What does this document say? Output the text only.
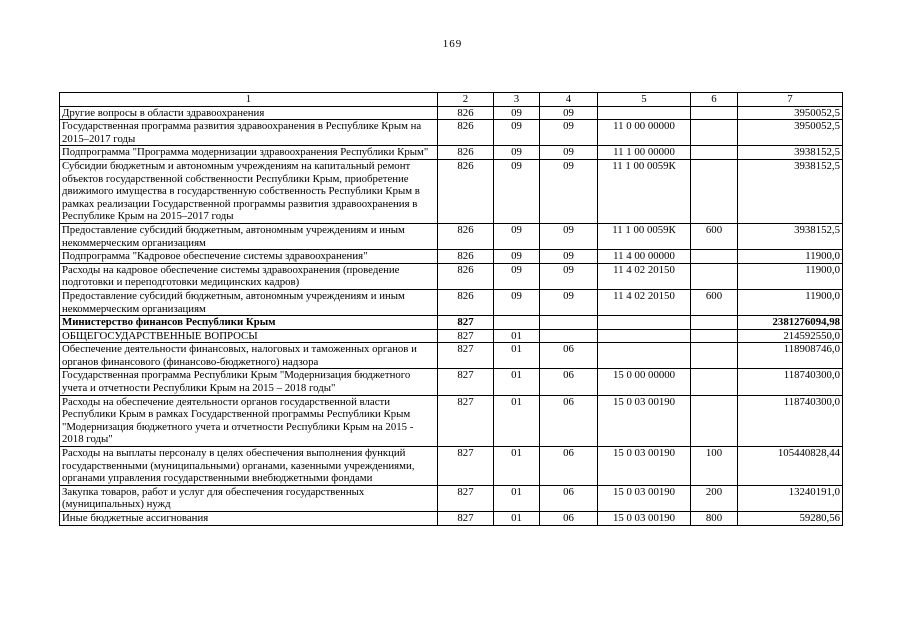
169
1	2	3	4	5	6	7
Другие вопросы в области здравоохранения	826	09	09			3950052,5
Государственная программа развития здравоохранения в Республике Крым на 2015–2017 годы	826	09	09	11 0 00 00000		3950052,5
Подпрограмма "Программа модернизации здравоохранения Республики Крым"	826	09	09	11 1 00 00000		3938152,5
Субсидии бюджетным и автономным учреждениям на капитальный ремонт объектов государственной собственности Республики Крым, приобретение движимого имущества в государственную собственность Республики Крым в рамках реализации Государственной программы развития здравоохранения в Республике Крым на 2015–2017 годы	826	09	09	11 1 00 0059К		3938152,5
Предоставление субсидий бюджетным, автономным учреждениям и иным некоммерческим организациям	826	09	09	11 1 00 0059К	600	3938152,5
Подпрограмма "Кадровое обеспечение системы здравоохранения"	826	09	09	11 4 00 00000		11900,0
Расходы на кадровое обеспечение системы здравоохранения (проведение подготовки и переподготовки медицинских кадров)	826	09	09	11 4 02 20150		11900,0
Предоставление субсидий бюджетным, автономным учреждениям и иным некоммерческим организациям	826	09	09	11 4 02 20150	600	11900,0
Министерство финансов Республики Крым	827					2381276094,98
ОБЩЕГОСУДАРСТВЕННЫЕ ВОПРОСЫ	827	01				214592550,0
Обеспечение деятельности финансовых, налоговых и таможенных органов и органов финансового (финансово-бюджетного) надзора	827	01	06			118908746,0
Государственная программа Республики Крым "Модернизация бюджетного учета и отчетности Республики Крым на 2015 – 2018 годы"	827	01	06	15 0 00 00000		118740300,0
Расходы на обеспечение деятельности органов государственной власти Республики Крым в рамках Государственной программы Республики Крым "Модернизация бюджетного учета и отчетности Республики Крым на 2015 - 2018 годы"	827	01	06	15 0 03 00190		118740300,0
Расходы на выплаты персоналу в целях обеспечения выполнения функций государственными (муниципальными) органами, казенными учреждениями, органами управления государственными внебюджетными фондами	827	01	06	15 0 03 00190	100	105440828,44
Закупка товаров, работ и услуг для обеспечения государственных (муниципальных) нужд	827	01	06	15 0 03 00190	200	13240191,0
Иные бюджетные ассигнования	827	01	06	15 0 03 00190	800	59280,56
